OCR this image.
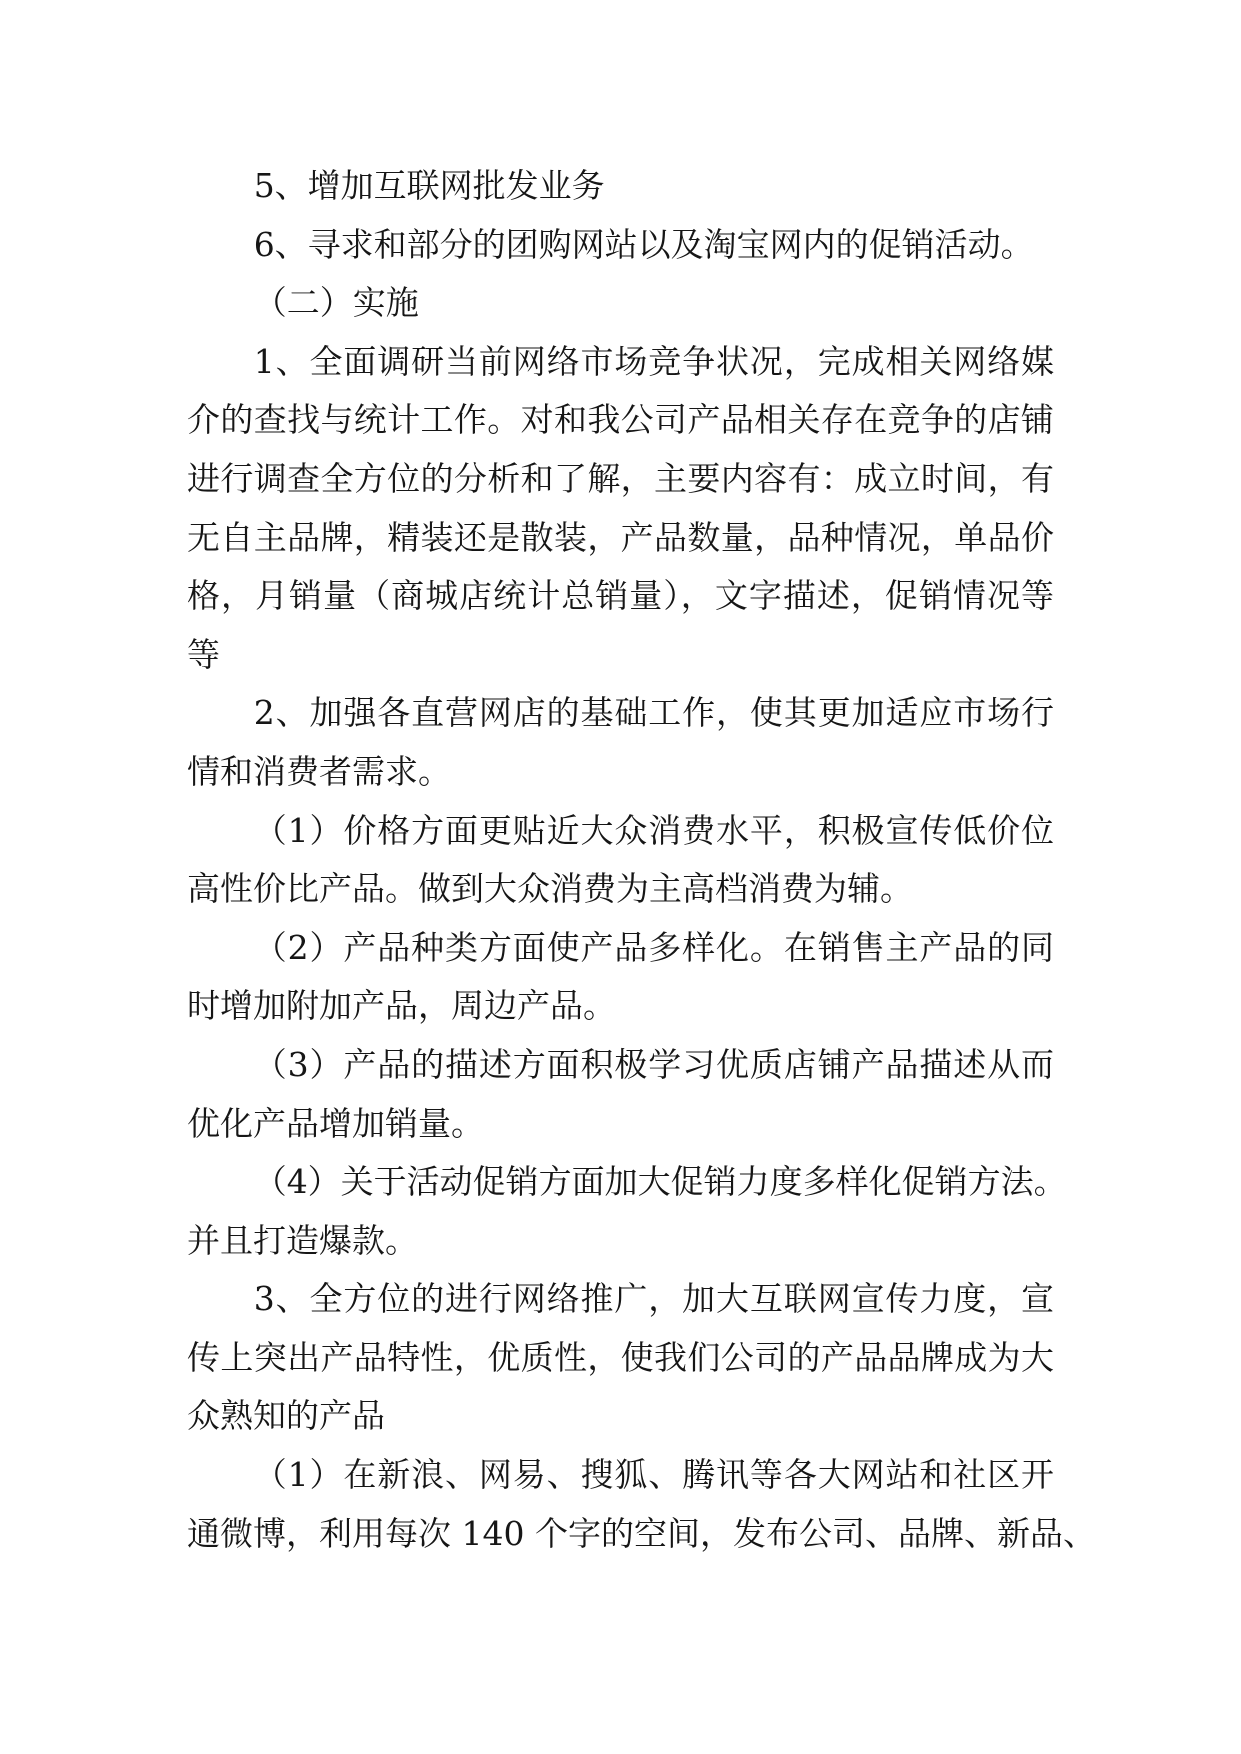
5、增加互联网批发业务
6、寻求和部分的团购网站以及淘宝网内的促销活动。
（二）实施
1、全面调研当前网络市场竞争状况，完成相关网络媒
介的查找与统计工作。对和我公司产品相关存在竞争的店铺
进行调查全方位的分析和了解，主要内容有：成立时间，有
无自主品牌，精装还是散装，产品数量，品种情况，单品价
格，月销量（商城店统计总销量），文字描述，促销情况等
等
2、加强各直营网店的基础工作，使其更加适应市场行
情和消费者需求。
（1）价格方面更贴近大众消费水平，积极宣传低价位
高性价比产品。做到大众消费为主高档消费为辅。
（2）产品种类方面使产品多样化。在销售主产品的同
时增加附加产品，周边产品。
（3）产品的描述方面积极学习优质店铺产品描述从而
优化产品增加销量。
（4）关于活动促销方面加大促销力度多样化促销方法。
并且打造爆款。
3、全方位的进行网络推广，加大互联网宣传力度，宣
传上突出产品特性，优质性，使我们公司的产品品牌成为大
众熟知的产品
（1）在新浪、网易、搜狐、腾讯等各大网站和社区开
通微博，利用每次 140 个字的空间，发布公司、品牌、新品、
